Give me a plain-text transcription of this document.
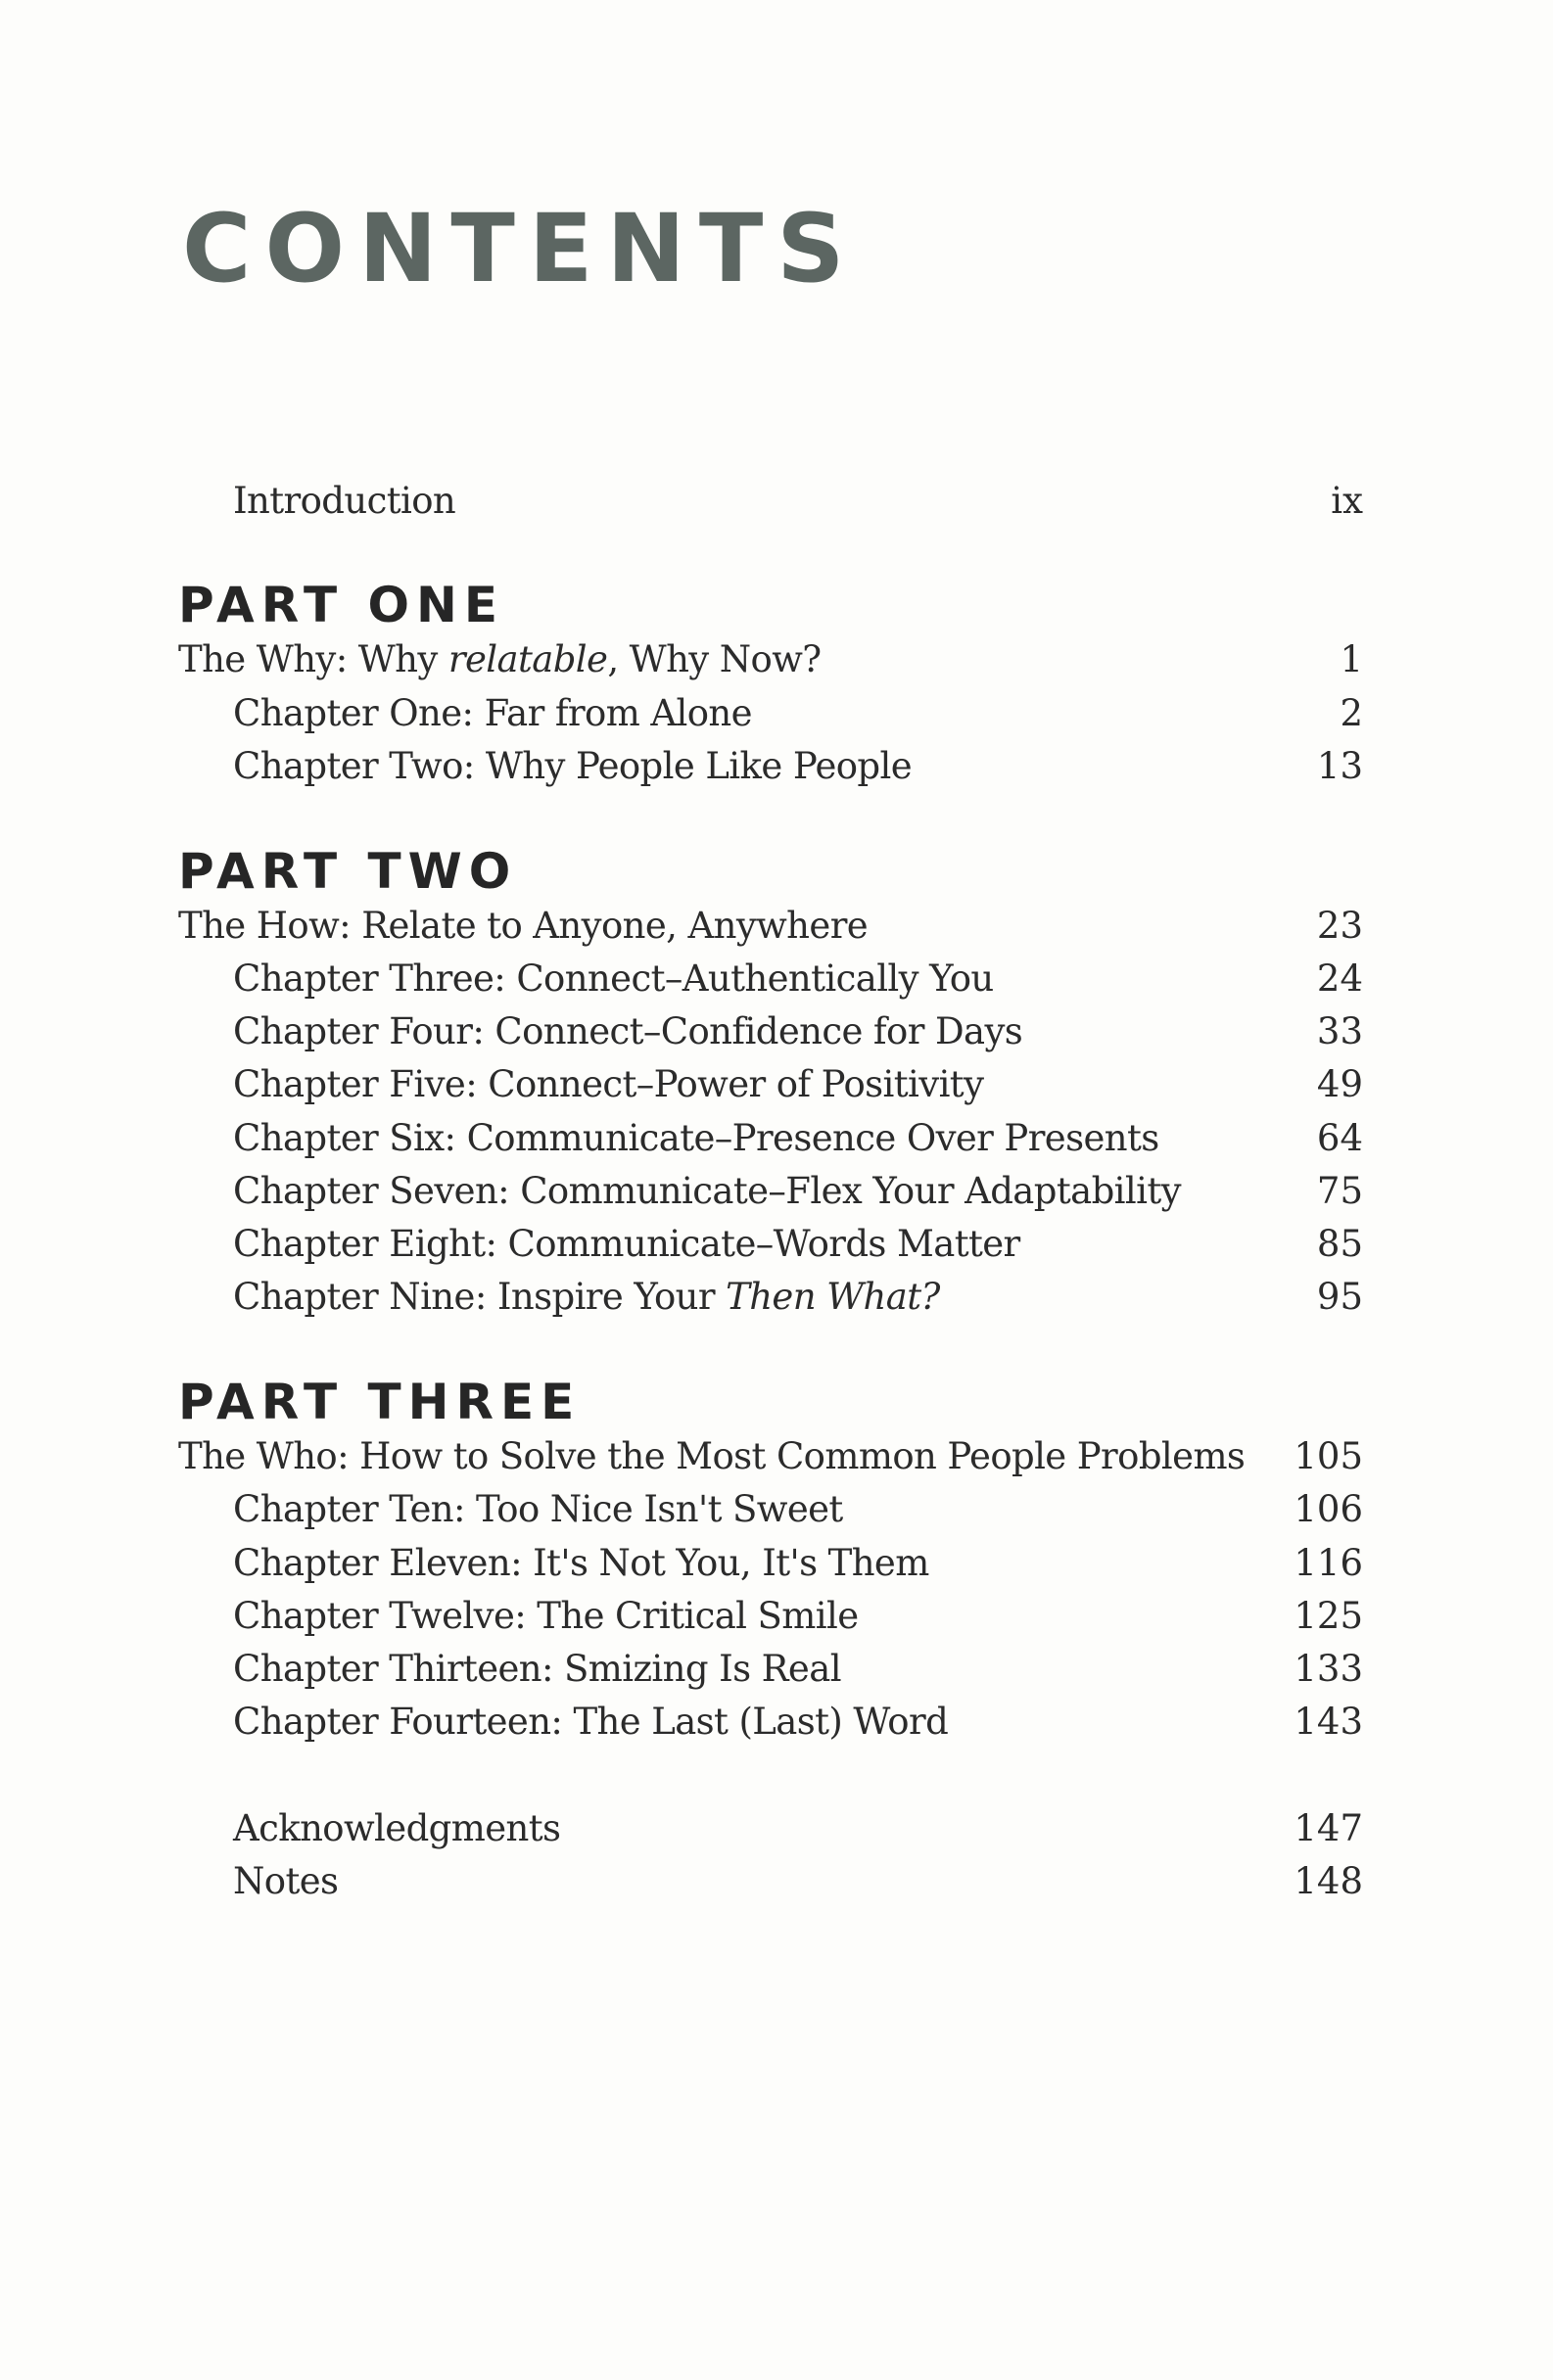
CONTENTS
Introduction	ix
PART ONE
The Why: Why relatable, Why Now?	1
Chapter One: Far from Alone	2
Chapter Two: Why People Like People	13
PART TWO
The How: Relate to Anyone, Anywhere	23
Chapter Three: Connect–Authentically You	24
Chapter Four: Connect–Confidence for Days	33
Chapter Five: Connect–Power of Positivity	49
Chapter Six: Communicate–Presence Over Presents	64
Chapter Seven: Communicate–Flex Your Adaptability	75
Chapter Eight: Communicate–Words Matter	85
Chapter Nine: Inspire Your Then What?	95
PART THREE
The Who: How to Solve the Most Common People Problems 105
Chapter Ten: Too Nice Isn't Sweet	106
Chapter Eleven: It's Not You, It's Them	116
Chapter Twelve: The Critical Smile	125
Chapter Thirteen: Smizing Is Real	133
Chapter Fourteen: The Last (Last) Word	143
Acknowledgments	147
Notes	148
